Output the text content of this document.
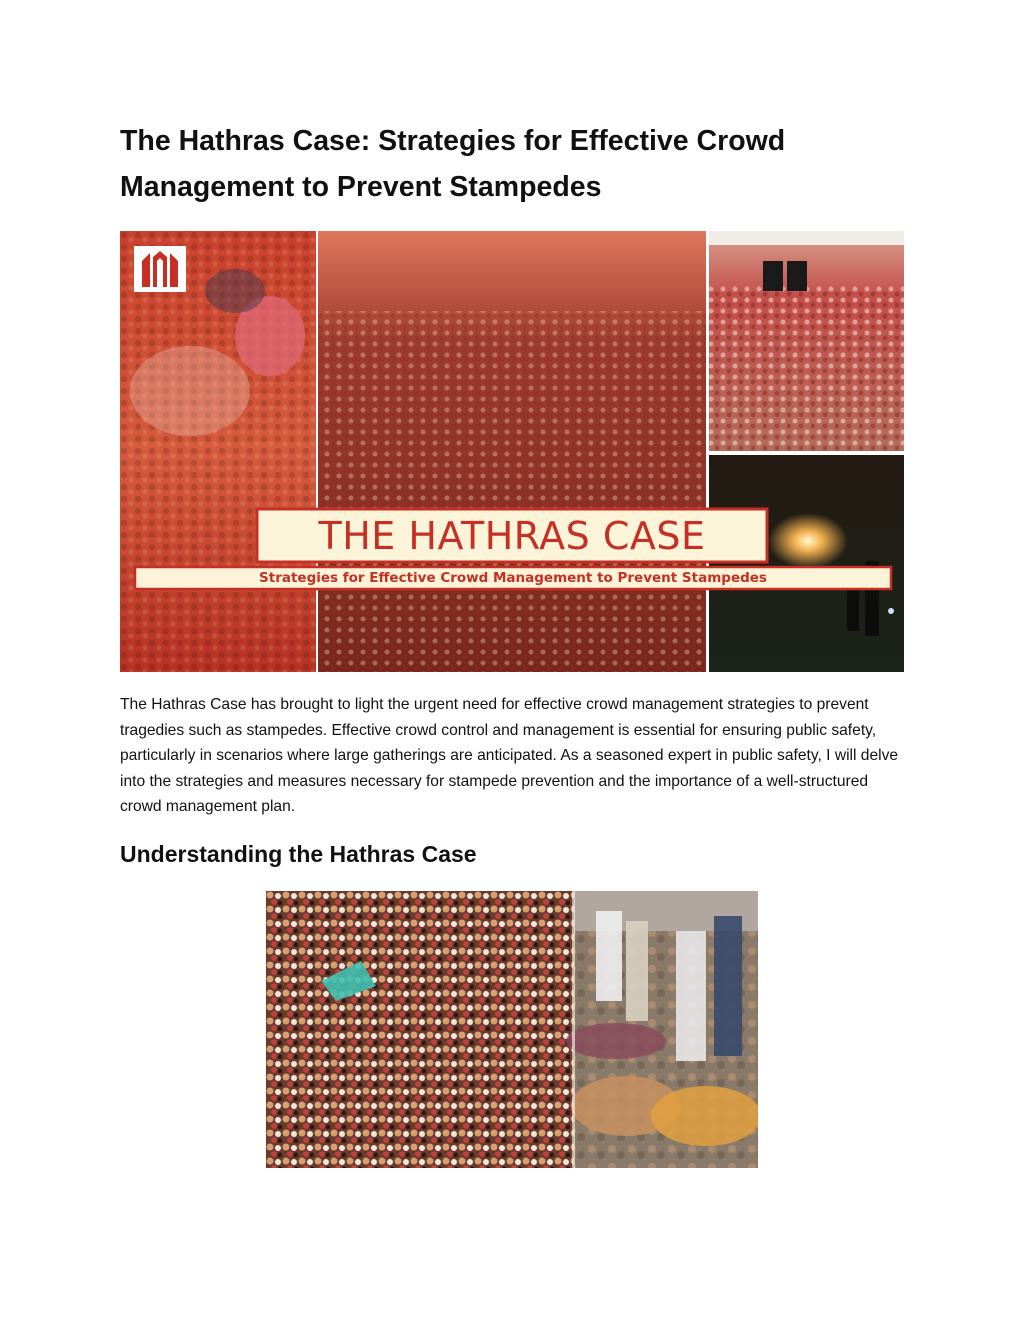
The Hathras Case: Strategies for Effective Crowd Management to Prevent Stampedes
THE HATHRAS CASE
Strategies for Effective Crowd Management to Prevent Stampedes

The Hathras Case has brought to light the urgent need for effective crowd management strategies to prevent tragedies such as stampedes. Effective crowd control and management is essential for ensuring public safety, particularly in scenarios where large gatherings are anticipated. As a seasoned expert in public safety, I will delve into the strategies and measures necessary for stampede prevention and the importance of a well-structured crowd management plan.

Understanding the Hathras Case
